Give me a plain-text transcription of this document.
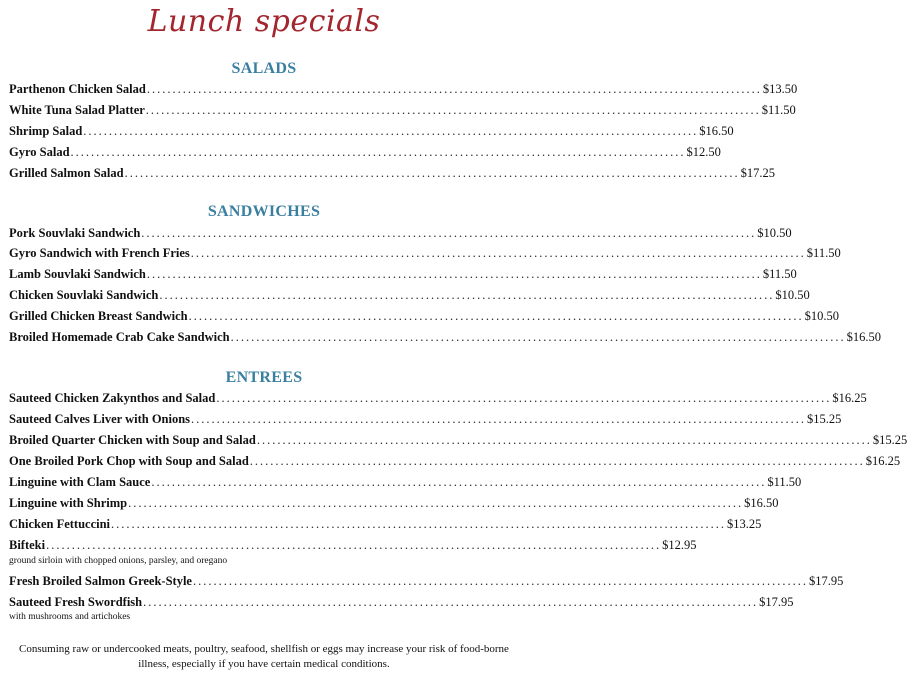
Lunch specials
SALADS
Parthenon Chicken Salad ........................................................................................................................ $13.50
White Tuna Salad Platter ........................................................................................................................ $11.50
Shrimp Salad ........................................................................................................................ $16.50
Gyro Salad ........................................................................................................................ $12.50
Grilled Salmon Salad ........................................................................................................................ $17.25
SANDWICHES
Pork Souvlaki Sandwich ........................................................................................................................ $10.50
Gyro Sandwich with French Fries ........................................................................................................................ $11.50
Lamb Souvlaki Sandwich ........................................................................................................................ $11.50
Chicken Souvlaki Sandwich ........................................................................................................................ $10.50
Grilled Chicken Breast Sandwich ........................................................................................................................ $10.50
Broiled Homemade Crab Cake Sandwich ........................................................................................................................ $16.50
ENTREES
Sauteed Chicken Zakynthos and Salad ........................................................................................................................ $16.25
Sauteed Calves Liver with Onions ........................................................................................................................ $15.25
Broiled Quarter Chicken with Soup and Salad ........................................................................................................................ $15.25
One Broiled Pork Chop with Soup and Salad ........................................................................................................................ $16.25
Linguine with Clam Sauce ........................................................................................................................ $11.50
Linguine with Shrimp ........................................................................................................................ $16.50
Chicken Fettuccini ........................................................................................................................ $13.25
Bifteki ........................................................................................................................ $12.95
ground sirloin with chopped onions, parsley, and oregano
Fresh Broiled Salmon Greek-Style ........................................................................................................................ $17.95
Sauteed Fresh Swordfish ........................................................................................................................ $17.95
with mushrooms and artichokes
Consuming raw or undercooked meats, poultry, seafood, shellfish or eggs may increase your risk of food-borne illness, especially if you have certain medical conditions.
